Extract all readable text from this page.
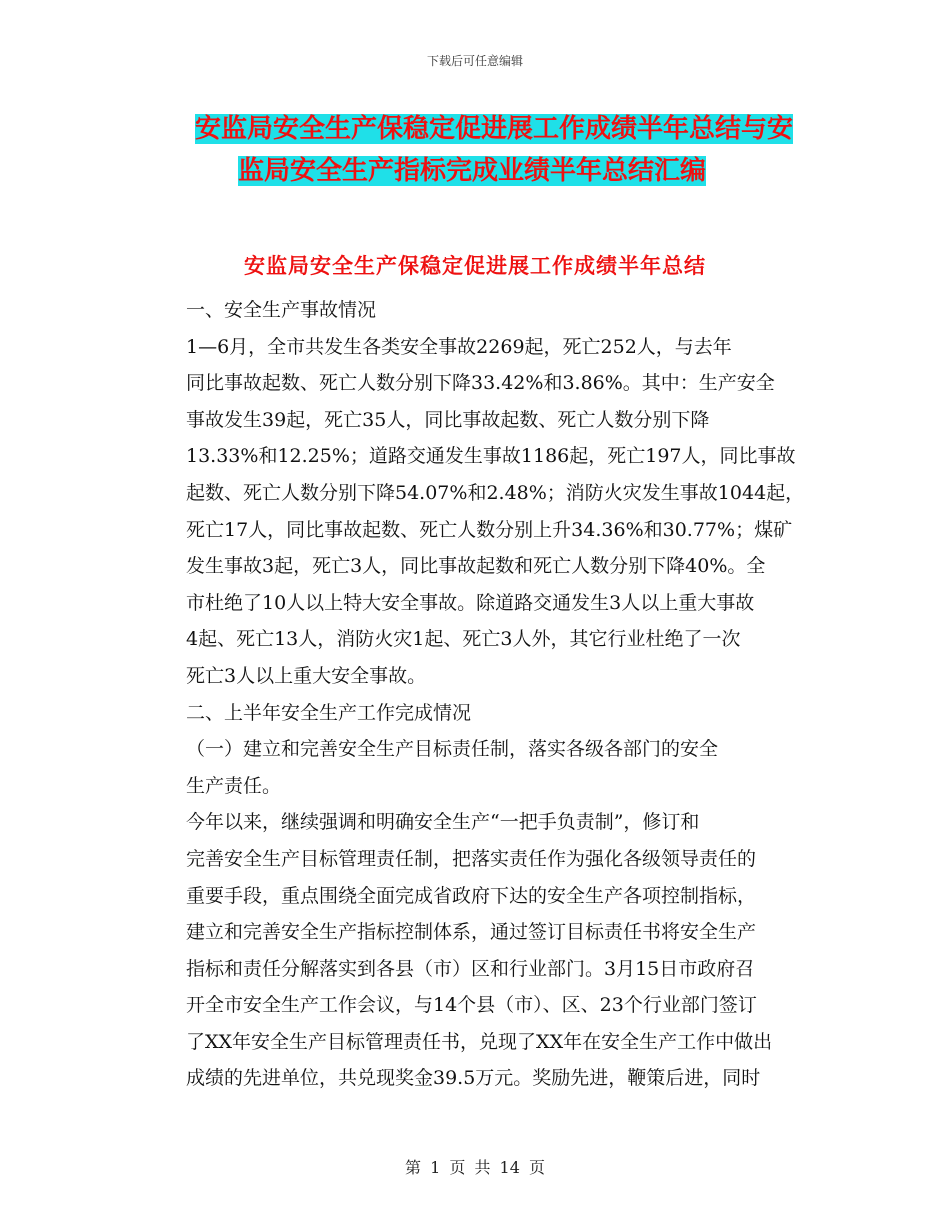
下载后可任意编辑
安监局安全生产保稳定促进展工作成绩半年总结与安
监局安全生产指标完成业绩半年总结汇编
安监局安全生产保稳定促进展工作成绩半年总结

一、安全生产事故情况

1—6月，全市共发生各类安全事故2269起，死亡252人，与去年
同比事故起数、死亡人数分别下降33.42%和3.86%。其中：生产安全
事故发生39起，死亡35人，同比事故起数、死亡人数分别下降
13.33%和12.25%；道路交通发生事故1186起，死亡197人，同比事故
起数、死亡人数分别下降54.07%和2.48%；消防火灾发生事故1044起，
死亡17人，同比事故起数、死亡人数分别上升34.36%和30.77%；煤矿
发生事故3起，死亡3人，同比事故起数和死亡人数分别下降40%。全
市杜绝了10人以上特大安全事故。除道路交通发生3人以上重大事故
4起、死亡13人，消防火灾1起、死亡3人外，其它行业杜绝了一次
死亡3人以上重大安全事故。

二、上半年安全生产工作完成情况

（一）建立和完善安全生产目标责任制，落实各级各部门的安全
生产责任。

今年以来，继续强调和明确安全生产“一把手负责制”，修订和
完善安全生产目标管理责任制，把落实责任作为强化各级领导责任的
重要手段，重点围绕全面完成省政府下达的安全生产各项控制指标，
建立和完善安全生产指标控制体系，通过签订目标责任书将安全生产
指标和责任分解落实到各县（市）区和行业部门。3月15日市政府召
开全市安全生产工作会议，与14个县（市）、区、23个行业部门签订
了XX年安全生产目标管理责任书，兑现了XX年在安全生产工作中做出
成绩的先进单位，共兑现奖金39.5万元。奖励先进，鞭策后进，同时

第 1 页 共 14 页
